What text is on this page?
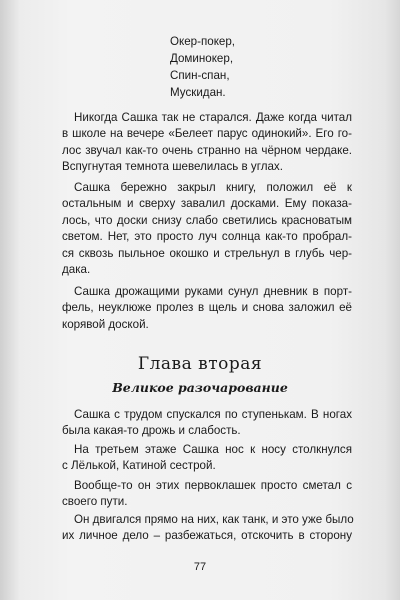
Окер-покер,
Доминокер,
Спин-спан,
Мускидан.
Никогда Сашка так не старался. Даже когда читал
в школе на вечере «Белеет парус одинокий». Его го-
лос звучал как-то очень странно на чёрном чердаке.
Вспугнутая темнота шевелилась в углах.
Сашка бережно закрыл книгу, положил её к
остальным и сверху завалил досками. Ему показа-
лось, что доски снизу слабо светились красноватым
светом. Нет, это просто луч солнца как-то пробрал-
ся сквозь пыльное окошко и стрельнул в глубь чер-
дака.
Сашка дрожащими руками сунул дневник в порт-
фель, неуклюже пролез в щель и снова заложил её
корявой доской.
Глава вторая
Великое разочарование
Сашка с трудом спускался по ступенькам. В ногах
была какая-то дрожь и слабость.
На третьем этаже Сашка нос к носу столкнулся
с Лёлькой, Катиной сестрой.
Вообще-то он этих первоклашек просто сметал с
своего пути.
Он двигался прямо на них, как танк, и это уже было
их личное дело – разбежаться, отскочить в сторону
77
